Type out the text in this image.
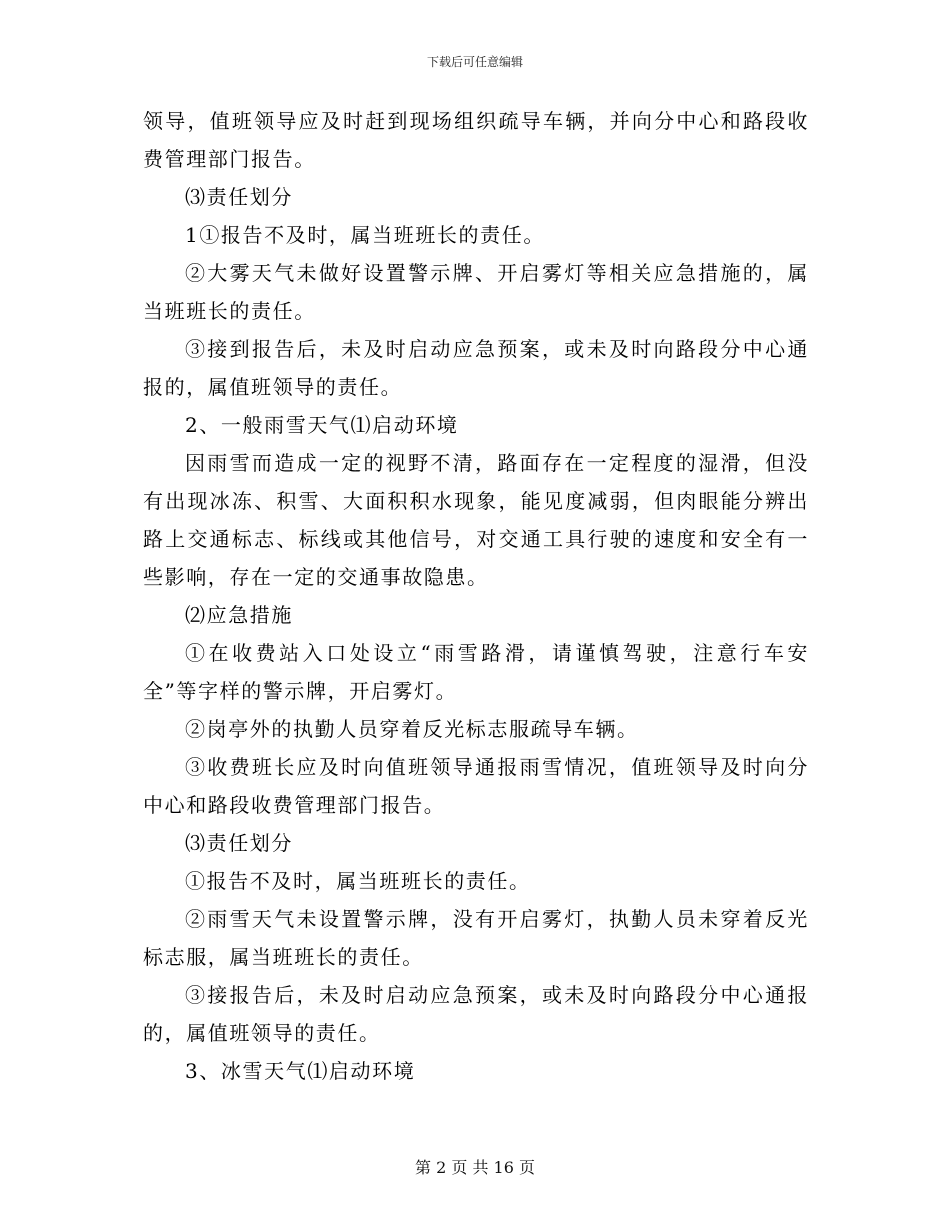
下载后可任意编辑

领导，值班领导应及时赶到现场组织疏导车辆，并向分中心和路段收费管理部门报告。

⑶责任划分

1①报告不及时，属当班班长的责任。

②大雾天气未做好设置警示牌、开启雾灯等相关应急措施的，属当班班长的责任。

③接到报告后，未及时启动应急预案，或未及时向路段分中心通报的，属值班领导的责任。

2、一般雨雪天气⑴启动环境

因雨雪而造成一定的视野不清，路面存在一定程度的湿滑，但没有出现冰冻、积雪、大面积积水现象，能见度减弱，但肉眼能分辨出路上交通标志、标线或其他信号，对交通工具行驶的速度和安全有一些影响，存在一定的交通事故隐患。

⑵应急措施

①在收费站入口处设立“雨雪路滑，请谨慎驾驶，注意行车安全”等字样的警示牌，开启雾灯。

②岗亭外的执勤人员穿着反光标志服疏导车辆。

③收费班长应及时向值班领导通报雨雪情况，值班领导及时向分中心和路段收费管理部门报告。

⑶责任划分

①报告不及时，属当班班长的责任。

②雨雪天气未设置警示牌，没有开启雾灯，执勤人员未穿着反光标志服，属当班班长的责任。

③接报告后，未及时启动应急预案，或未及时向路段分中心通报的，属值班领导的责任。

3、冰雪天气⑴启动环境

第 2 页 共 16 页
